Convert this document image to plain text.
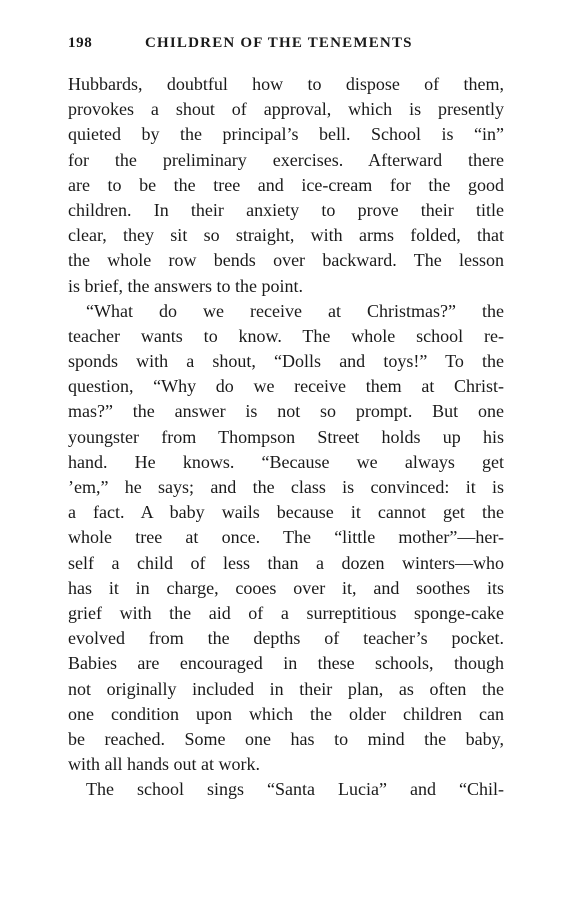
198	CHILDREN OF THE TENEMENTS
Hubbards, doubtful how to dispose of them,
provokes a shout of approval, which is presently
quieted by the principal’s bell. School is “in”
for the preliminary exercises. Afterward there
are to be the tree and ice-cream for the good
children. In their anxiety to prove their title
clear, they sit so straight, with arms folded, that
the whole row bends over backward. The lesson
is brief, the answers to the point.
“What do we receive at Christmas?” the
teacher wants to know. The whole school re-
sponds with a shout, “Dolls and toys!” To the
question, “Why do we receive them at Christ-
mas?” the answer is not so prompt. But one
youngster from Thompson Street holds up his
hand. He knows. “Because we always get
’em,” he says; and the class is convinced: it is
a fact. A baby wails because it cannot get the
whole tree at once. The “little mother”—her-
self a child of less than a dozen winters—who
has it in charge, cooes over it, and soothes its
grief with the aid of a surreptitious sponge-cake
evolved from the depths of teacher’s pocket.
Babies are encouraged in these schools, though
not originally included in their plan, as often the
one condition upon which the older children can
be reached. Some one has to mind the baby,
with all hands out at work.
The school sings “Santa Lucia” and “Chil-
